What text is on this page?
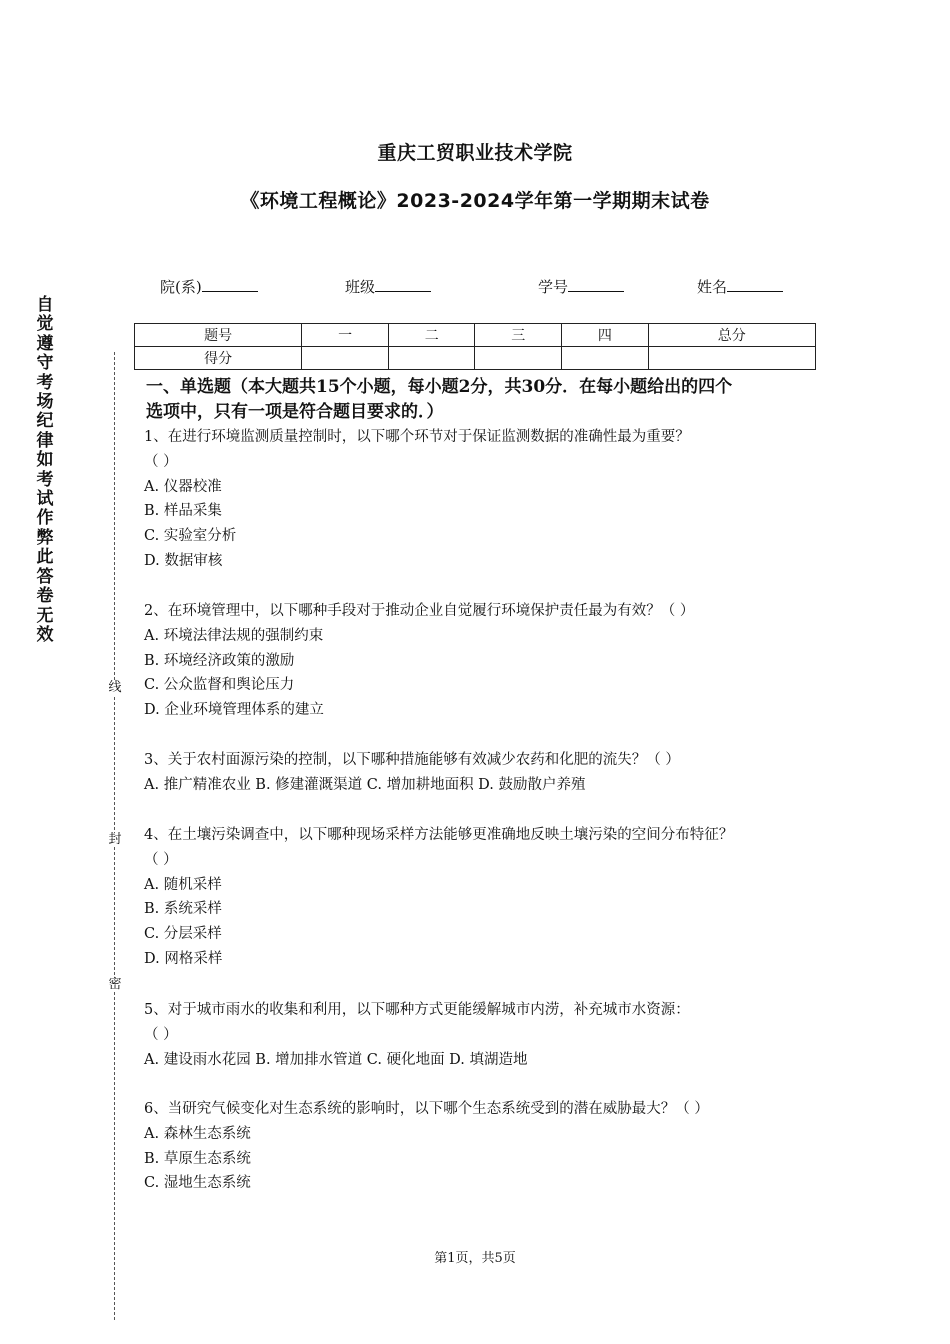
重庆工贸职业技术学院
《环境工程概论》2023-2024学年第一学期期末试卷
院(系)	班级	学号	姓名
题号	一	二	三	四	总分
得分					
自觉遵守考场纪律如考试作弊此答卷无效
线
封
密
一、单选题（本大题共15个小题，每小题2分，共30分．在每小题给出的四个
选项中，只有一项是符合题目要求的．）
1、在进行环境监测质量控制时，以下哪个环节对于保证监测数据的准确性最为重要？
（ ）
A. 仪器校准
B. 样品采集
C. 实验室分析
D. 数据审核
2、在环境管理中，以下哪种手段对于推动企业自觉履行环境保护责任最为有效？（ ）
A. 环境法律法规的强制约束
B. 环境经济政策的激励
C. 公众监督和舆论压力
D. 企业环境管理体系的建立
3、关于农村面源污染的控制，以下哪种措施能够有效减少农药和化肥的流失？（ ）
A. 推广精准农业 B. 修建灌溉渠道 C. 增加耕地面积 D. 鼓励散户养殖
4、在土壤污染调查中，以下哪种现场采样方法能够更准确地反映土壤污染的空间分布特征？
（ ）
A. 随机采样
B. 系统采样
C. 分层采样
D. 网格采样
5、对于城市雨水的收集和利用，以下哪种方式更能缓解城市内涝，补充城市水资源：
（ ）
A. 建设雨水花园 B. 增加排水管道 C. 硬化地面 D. 填湖造地
6、当研究气候变化对生态系统的影响时，以下哪个生态系统受到的潜在威胁最大？（ ）
A. 森林生态系统
B. 草原生态系统
C. 湿地生态系统
第1页，共5页
